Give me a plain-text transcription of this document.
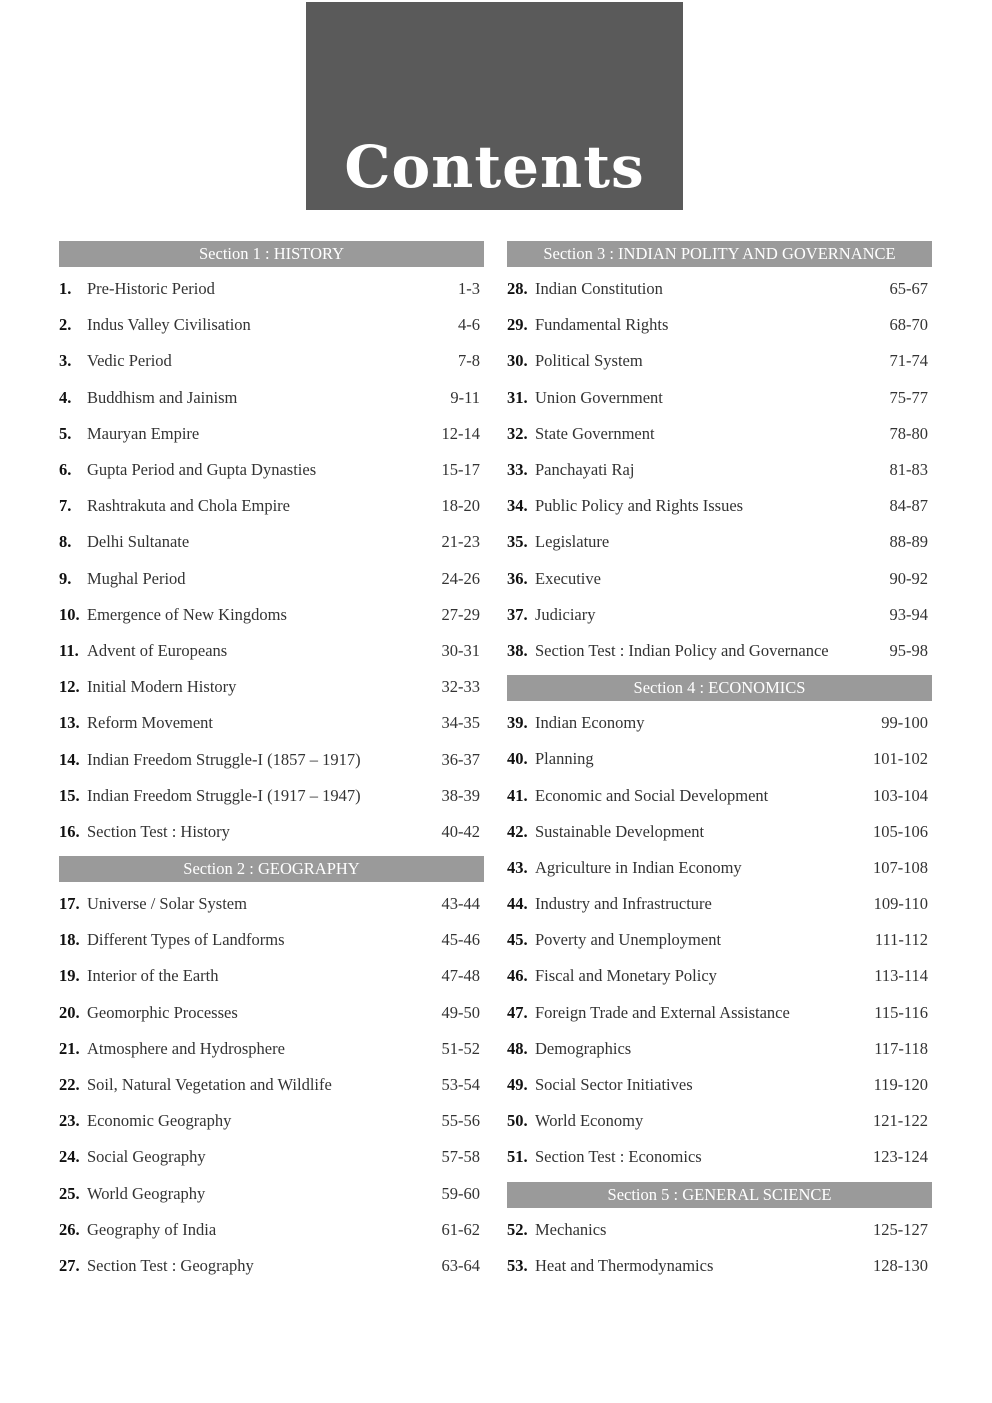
Contents
Section 1 : HISTORY
1. Pre-Historic Period	1-3
2. Indus Valley Civilisation	4-6
3. Vedic Period	7-8
4. Buddhism and Jainism	9-11
5. Mauryan Empire	12-14
6. Gupta Period and Gupta Dynasties	15-17
7. Rashtrakuta and Chola Empire	18-20
8. Delhi Sultanate	21-23
9. Mughal Period	24-26
10. Emergence of New Kingdoms	27-29
11. Advent of Europeans	30-31
12. Initial Modern History	32-33
13. Reform Movement	34-35
14. Indian Freedom Struggle-I (1857 – 1917)	36-37
15. Indian Freedom Struggle-I (1917 – 1947)	38-39
16. Section Test : History	40-42
Section 2 : GEOGRAPHY
17. Universe / Solar System	43-44
18. Different Types of Landforms	45-46
19. Interior of the Earth	47-48
20. Geomorphic Processes	49-50
21. Atmosphere and Hydrosphere	51-52
22. Soil, Natural Vegetation and Wildlife	53-54
23. Economic Geography	55-56
24. Social Geography	57-58
25. World Geography	59-60
26. Geography of India	61-62
27. Section Test : Geography	63-64
Section 3 : INDIAN POLITY AND GOVERNANCE
28. Indian Constitution	65-67
29. Fundamental Rights	68-70
30. Political System	71-74
31. Union Government	75-77
32. State Government	78-80
33. Panchayati Raj	81-83
34. Public Policy and Rights Issues	84-87
35. Legislature	88-89
36. Executive	90-92
37. Judiciary	93-94
38. Section Test : Indian Policy and Governance	95-98
Section 4 : ECONOMICS
39. Indian Economy	99-100
40. Planning	101-102
41. Economic and Social Development	103-104
42. Sustainable Development	105-106
43. Agriculture in Indian Economy	107-108
44. Industry and Infrastructure	109-110
45. Poverty and Unemployment	111-112
46. Fiscal and Monetary Policy	113-114
47. Foreign Trade and External Assistance	115-116
48. Demographics	117-118
49. Social Sector Initiatives	119-120
50. World Economy	121-122
51. Section Test : Economics	123-124
Section 5 : GENERAL SCIENCE
52. Mechanics	125-127
53. Heat and Thermodynamics	128-130
